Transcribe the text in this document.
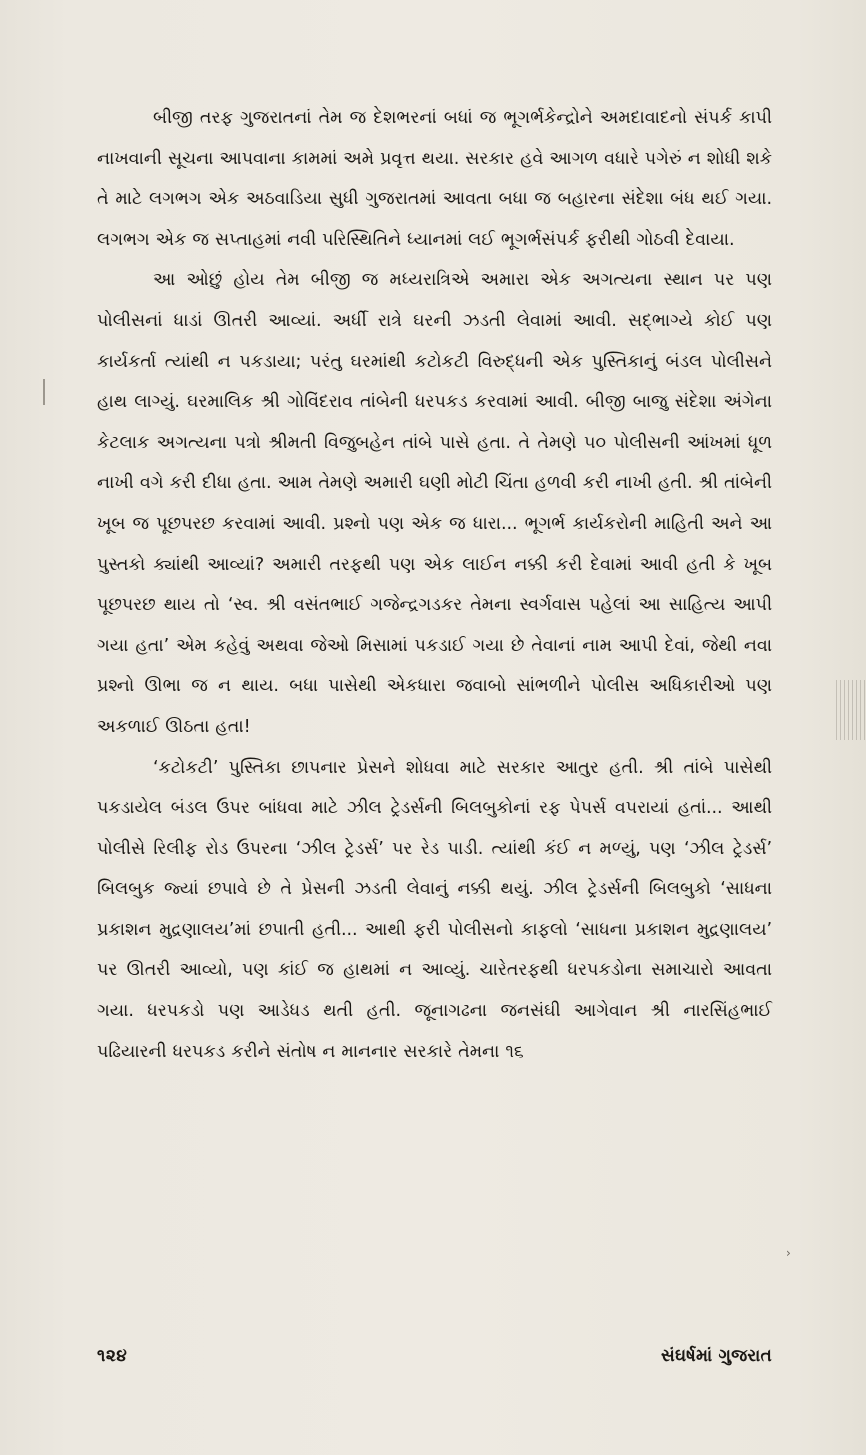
›

બીજી તરફ ગુજરાતનાં તેમ જ દેશભરનાં બધાં જ ભૂગર્ભકેન્દ્રોને અમદાવાદનો સંપર્ક કાપી નાખવાની સૂચના આપવાના કામમાં અમે પ્રવૃત્ત થયા. સરકાર હવે આગળ વધારે પગેરું ન શોધી શકે તે માટે લગભગ એક અઠવાડિયા સુધી ગુજરાતમાં આવતા બધા જ બહારના સંદેશા બંધ થઈ ગયા. લગભગ એક જ સપ્તાહમાં નવી પરિસ્થિતિને ધ્યાનમાં લઈ ભૂગર્ભસંપર્ક ફરીથી ગોઠવી દેવાયા.

આ ઓછું હોય તેમ બીજી જ મધ્યરાત્રિએ અમારા એક અગત્યના સ્થાન પર પણ પોલીસનાં ધાડાં ઊતરી આવ્યાં. અર્ધી રાત્રે ઘરની ઝડતી લેવામાં આવી. સદ્ભાગ્યે કોઈ પણ કાર્યકર્તા ત્યાંથી ન પકડાયા; પરંતુ ઘરમાંથી કટોકટી વિરુદ્ધની એક પુસ્તિકાનું બંડલ પોલીસને હાથ લાગ્યું. ઘરમાલિક શ્રી ગોવિંદરાવ તાંબેની ધરપકડ કરવામાં આવી. બીજી બાજુ સંદેશા અંગેના કેટલાક અગત્યના પત્રો શ્રીમતી વિજુબહેન તાંબે પાસે હતા. તે તેમણે ૫૦ પોલીસની આંખમાં ધૂળ નાખી વગે કરી દીધા હતા. આમ તેમણે અમારી ઘણી મોટી ચિંતા હળવી કરી નાખી હતી. શ્રી તાંબેની ખૂબ જ પૂછપરછ કરવામાં આવી. પ્રશ્નો પણ એક જ ધારા... ભૂગર્ભ કાર્યકરોની માહિતી અને આ પુસ્તકો ક્યાંથી આવ્યાં? અમારી તરફથી પણ એક લાઈન નક્કી કરી દેવામાં આવી હતી કે ખૂબ પૂછપરછ થાય તો ‘સ્વ. શ્રી વસંતભાઈ ગજેન્દ્રગડકર તેમના સ્વર્ગવાસ પહેલાં આ સાહિત્ય આપી ગયા હતા’ એમ કહેવું અથવા જેઓ મિસામાં પકડાઈ ગયા છે તેવાનાં નામ આપી દેવાં, જેથી નવા પ્રશ્નો ઊભા જ ન થાય. બધા પાસેથી એકધારા જવાબો સાંભળીને પોલીસ અધિકારીઓ પણ અકળાઈ ઊઠતા હતા!

‘કટોકટી’ પુસ્તિકા છાપનાર પ્રેસને શોધવા માટે સરકાર આતુર હતી. શ્રી તાંબે પાસેથી પકડાયેલ બંડલ ઉપર બાંધવા માટે ઝીલ ટ્રેડર્સની બિલબુકોનાં રફ પેપર્સ વપરાયાં હતાં... આથી પોલીસે રિલીફ રોડ ઉપરના ‘ઝીલ ટ્રેડર્સ’ પર રેડ પાડી. ત્યાંથી કંઈ ન મળ્યું, પણ ‘ઝીલ ટ્રેડર્સ’ બિલબુક જ્યાં છપાવે છે તે પ્રેસની ઝડતી લેવાનું નક્કી થયું. ઝીલ ટ્રેડર્સની બિલબુકો ‘સાધના પ્રકાશન મુદ્રણાલય’માં છપાતી હતી... આથી ફરી પોલીસનો કાફલો ‘સાધના પ્રકાશન મુદ્રણાલય’ પર ઊતરી આવ્યો, પણ કાંઈ જ હાથમાં ન આવ્યું. ચારેતરફથી ધરપકડોના સમાચારો આવતા ગયા. ધરપકડો પણ આડેધડ થતી હતી. જૂનાગઢના જનસંઘી આગેવાન શ્રી નારસિંહભાઈ પઢિયારની ધરપકડ કરીને સંતોષ ન માનનાર સરકારે તેમના ૧૬

૧૨૪	સંઘર્ષમાં ગુજરાત
